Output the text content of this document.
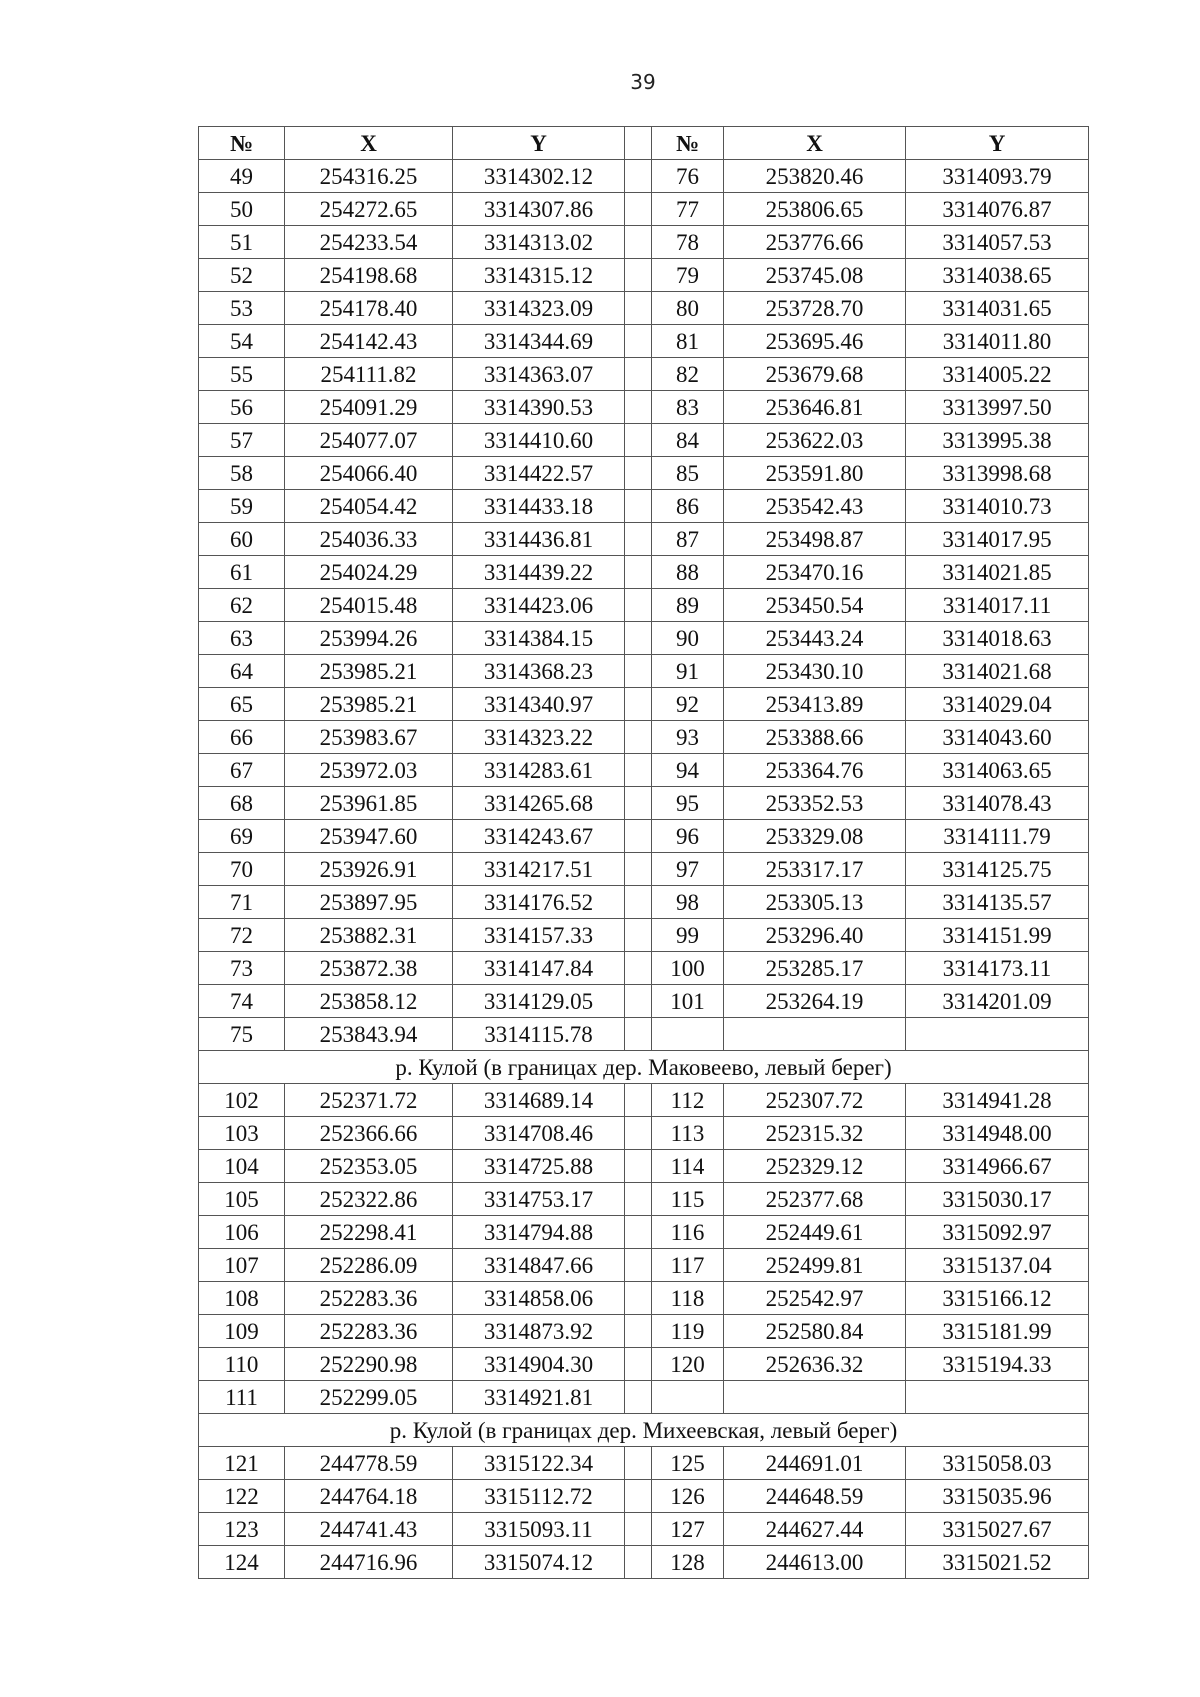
39
№	X	Y		№	X	Y
49	254316.25	3314302.12		76	253820.46	3314093.79
50	254272.65	3314307.86		77	253806.65	3314076.87
51	254233.54	3314313.02		78	253776.66	3314057.53
52	254198.68	3314315.12		79	253745.08	3314038.65
53	254178.40	3314323.09		80	253728.70	3314031.65
54	254142.43	3314344.69		81	253695.46	3314011.80
55	254111.82	3314363.07		82	253679.68	3314005.22
56	254091.29	3314390.53		83	253646.81	3313997.50
57	254077.07	3314410.60		84	253622.03	3313995.38
58	254066.40	3314422.57		85	253591.80	3313998.68
59	254054.42	3314433.18		86	253542.43	3314010.73
60	254036.33	3314436.81		87	253498.87	3314017.95
61	254024.29	3314439.22		88	253470.16	3314021.85
62	254015.48	3314423.06		89	253450.54	3314017.11
63	253994.26	3314384.15		90	253443.24	3314018.63
64	253985.21	3314368.23		91	253430.10	3314021.68
65	253985.21	3314340.97		92	253413.89	3314029.04
66	253983.67	3314323.22		93	253388.66	3314043.60
67	253972.03	3314283.61		94	253364.76	3314063.65
68	253961.85	3314265.68		95	253352.53	3314078.43
69	253947.60	3314243.67		96	253329.08	3314111.79
70	253926.91	3314217.51		97	253317.17	3314125.75
71	253897.95	3314176.52		98	253305.13	3314135.57
72	253882.31	3314157.33		99	253296.40	3314151.99
73	253872.38	3314147.84		100	253285.17	3314173.11
74	253858.12	3314129.05		101	253264.19	3314201.09
75	253843.94	3314115.78				
р. Кулой (в границах дер. Маковеево, левый берег)						
102	252371.72	3314689.14		112	252307.72	3314941.28
103	252366.66	3314708.46		113	252315.32	3314948.00
104	252353.05	3314725.88		114	252329.12	3314966.67
105	252322.86	3314753.17		115	252377.68	3315030.17
106	252298.41	3314794.88		116	252449.61	3315092.97
107	252286.09	3314847.66		117	252499.81	3315137.04
108	252283.36	3314858.06		118	252542.97	3315166.12
109	252283.36	3314873.92		119	252580.84	3315181.99
110	252290.98	3314904.30		120	252636.32	3315194.33
111	252299.05	3314921.81				
р. Кулой (в границах дер. Михеевская, левый берег)						
121	244778.59	3315122.34		125	244691.01	3315058.03
122	244764.18	3315112.72		126	244648.59	3315035.96
123	244741.43	3315093.11		127	244627.44	3315027.67
124	244716.96	3315074.12		128	244613.00	3315021.52
